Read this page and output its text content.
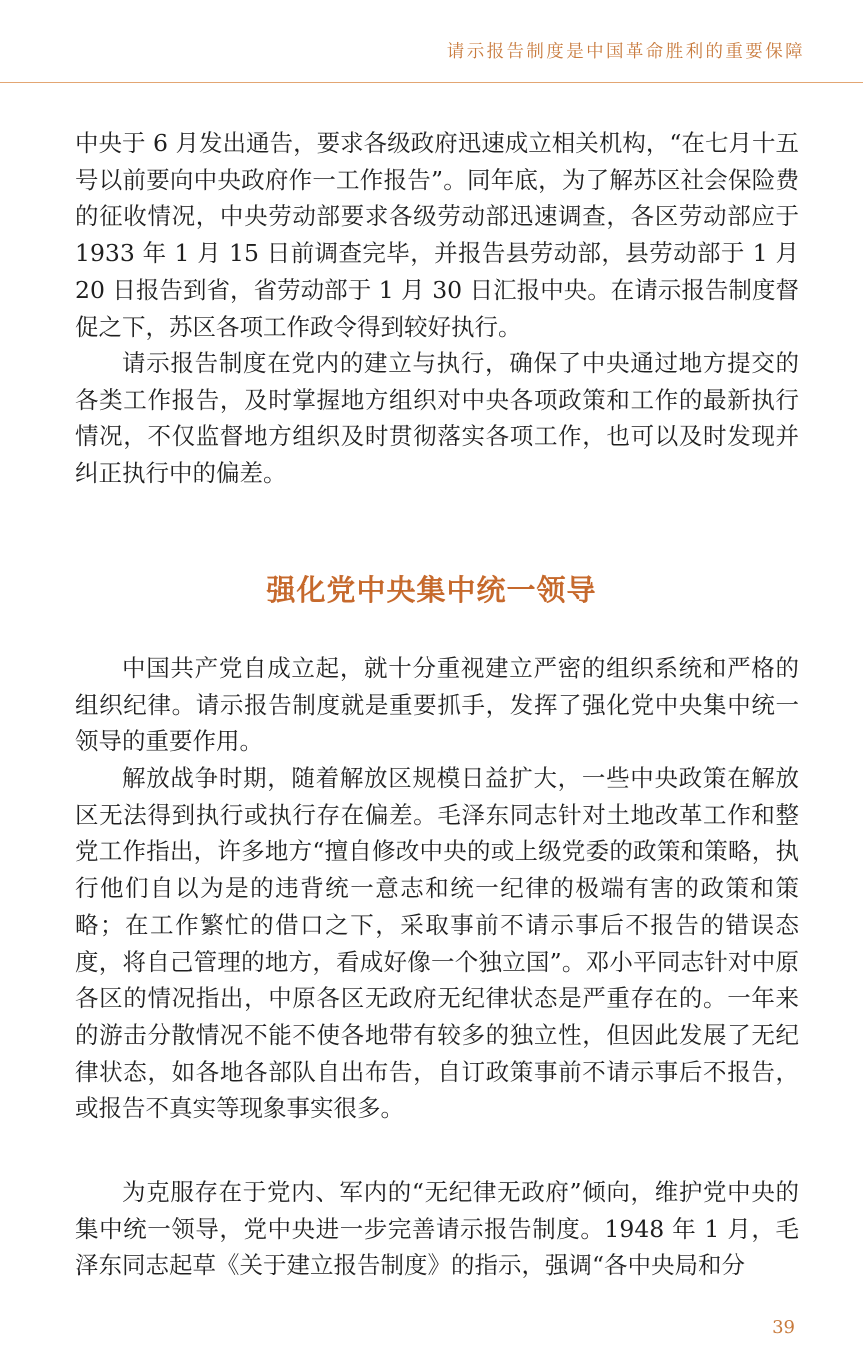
请示报告制度是中国革命胜利的重要保障

中央于 6 月发出通告，要求各级政府迅速成立相关机构，“在七月十五号以前要向中央政府作一工作报告”。同年底，为了解苏区社会保险费的征收情况，中央劳动部要求各级劳动部迅速调查，各区劳动部应于 1933 年 1 月 15 日前调查完毕，并报告县劳动部，县劳动部于 1 月 20 日报告到省，省劳动部于 1 月 30 日汇报中央。在请示报告制度督促之下，苏区各项工作政令得到较好执行。

请示报告制度在党内的建立与执行，确保了中央通过地方提交的各类工作报告，及时掌握地方组织对中央各项政策和工作的最新执行情况，不仅监督地方组织及时贯彻落实各项工作，也可以及时发现并纠正执行中的偏差。

强化党中央集中统一领导

中国共产党自成立起，就十分重视建立严密的组织系统和严格的组织纪律。请示报告制度就是重要抓手，发挥了强化党中央集中统一领导的重要作用。

解放战争时期，随着解放区规模日益扩大，一些中央政策在解放区无法得到执行或执行存在偏差。毛泽东同志针对土地改革工作和整党工作指出，许多地方“擅自修改中央的或上级党委的政策和策略，执行他们自以为是的违背统一意志和统一纪律的极端有害的政策和策略；在工作繁忙的借口之下，采取事前不请示事后不报告的错误态度，将自己管理的地方，看成好像一个独立国”。邓小平同志针对中原各区的情况指出，中原各区无政府无纪律状态是严重存在的。一年来的游击分散情况不能不使各地带有较多的独立性，但因此发展了无纪律状态，如各地各部队自出布告，自订政策事前不请示事后不报告，或报告不真实等现象事实很多。

为克服存在于党内、军内的“无纪律无政府”倾向，维护党中央的集中统一领导，党中央进一步完善请示报告制度。1948 年 1 月，毛泽东同志起草《关于建立报告制度》的指示，强调“各中央局和分

39
